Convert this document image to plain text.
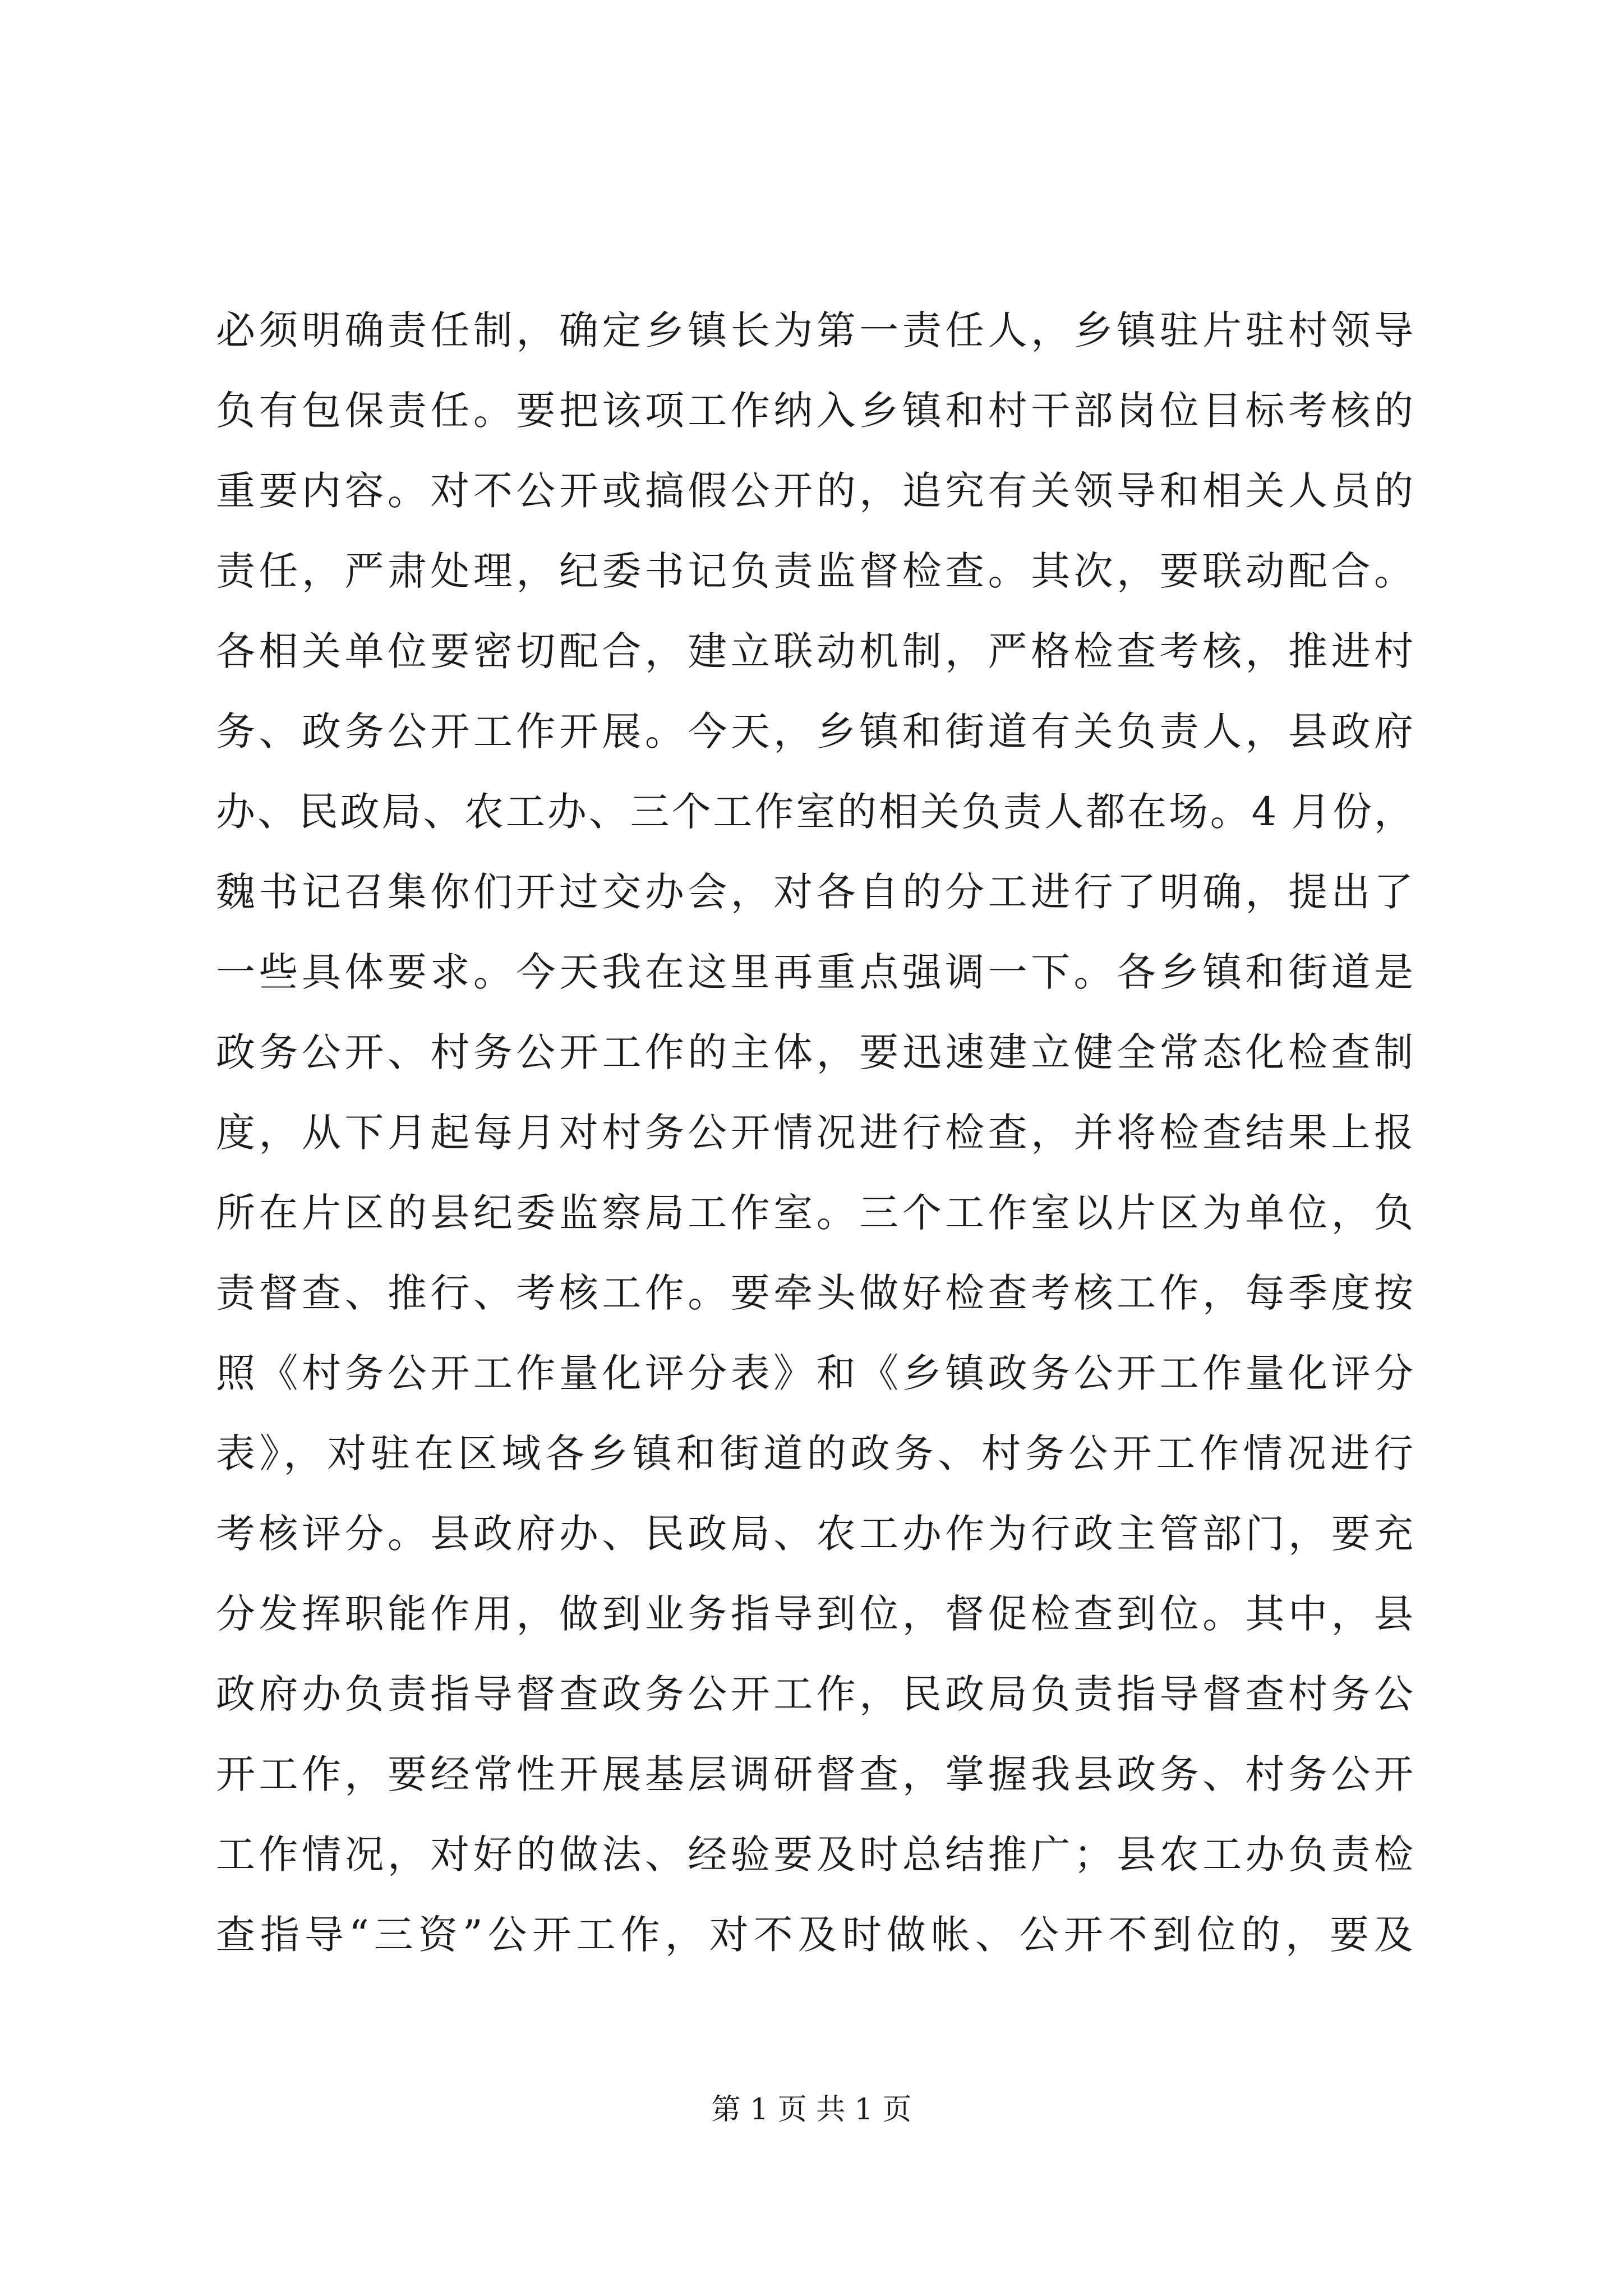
必须明确责任制，确定乡镇长为第一责任人，乡镇驻片驻村领导
负有包保责任。要把该项工作纳入乡镇和村干部岗位目标考核的
重要内容。对不公开或搞假公开的，追究有关领导和相关人员的
责任，严肃处理，纪委书记负责监督检查。其次，要联动配合。
各相关单位要密切配合，建立联动机制，严格检查考核，推进村
务、政务公开工作开展。今天，乡镇和街道有关负责人，县政府
办、民政局、农工办、三个工作室的相关负责人都在场。4 月份，
魏书记召集你们开过交办会，对各自的分工进行了明确，提出了
一些具体要求。今天我在这里再重点强调一下。各乡镇和街道是
政务公开、村务公开工作的主体，要迅速建立健全常态化检查制
度，从下月起每月对村务公开情况进行检查，并将检查结果上报
所在片区的县纪委监察局工作室。三个工作室以片区为单位，负
责督查、推行、考核工作。要牵头做好检查考核工作，每季度按
照《村务公开工作量化评分表》和《乡镇政务公开工作量化评分
表》，对驻在区域各乡镇和街道的政务、村务公开工作情况进行
考核评分。县政府办、民政局、农工办作为行政主管部门，要充
分发挥职能作用，做到业务指导到位，督促检查到位。其中，县
政府办负责指导督查政务公开工作，民政局负责指导督查村务公
开工作，要经常性开展基层调研督查，掌握我县政务、村务公开
工作情况，对好的做法、经验要及时总结推广；县农工办负责检
查指导“三资”公开工作，对不及时做帐、公开不到位的，要及
第 1 页 共 1 页
